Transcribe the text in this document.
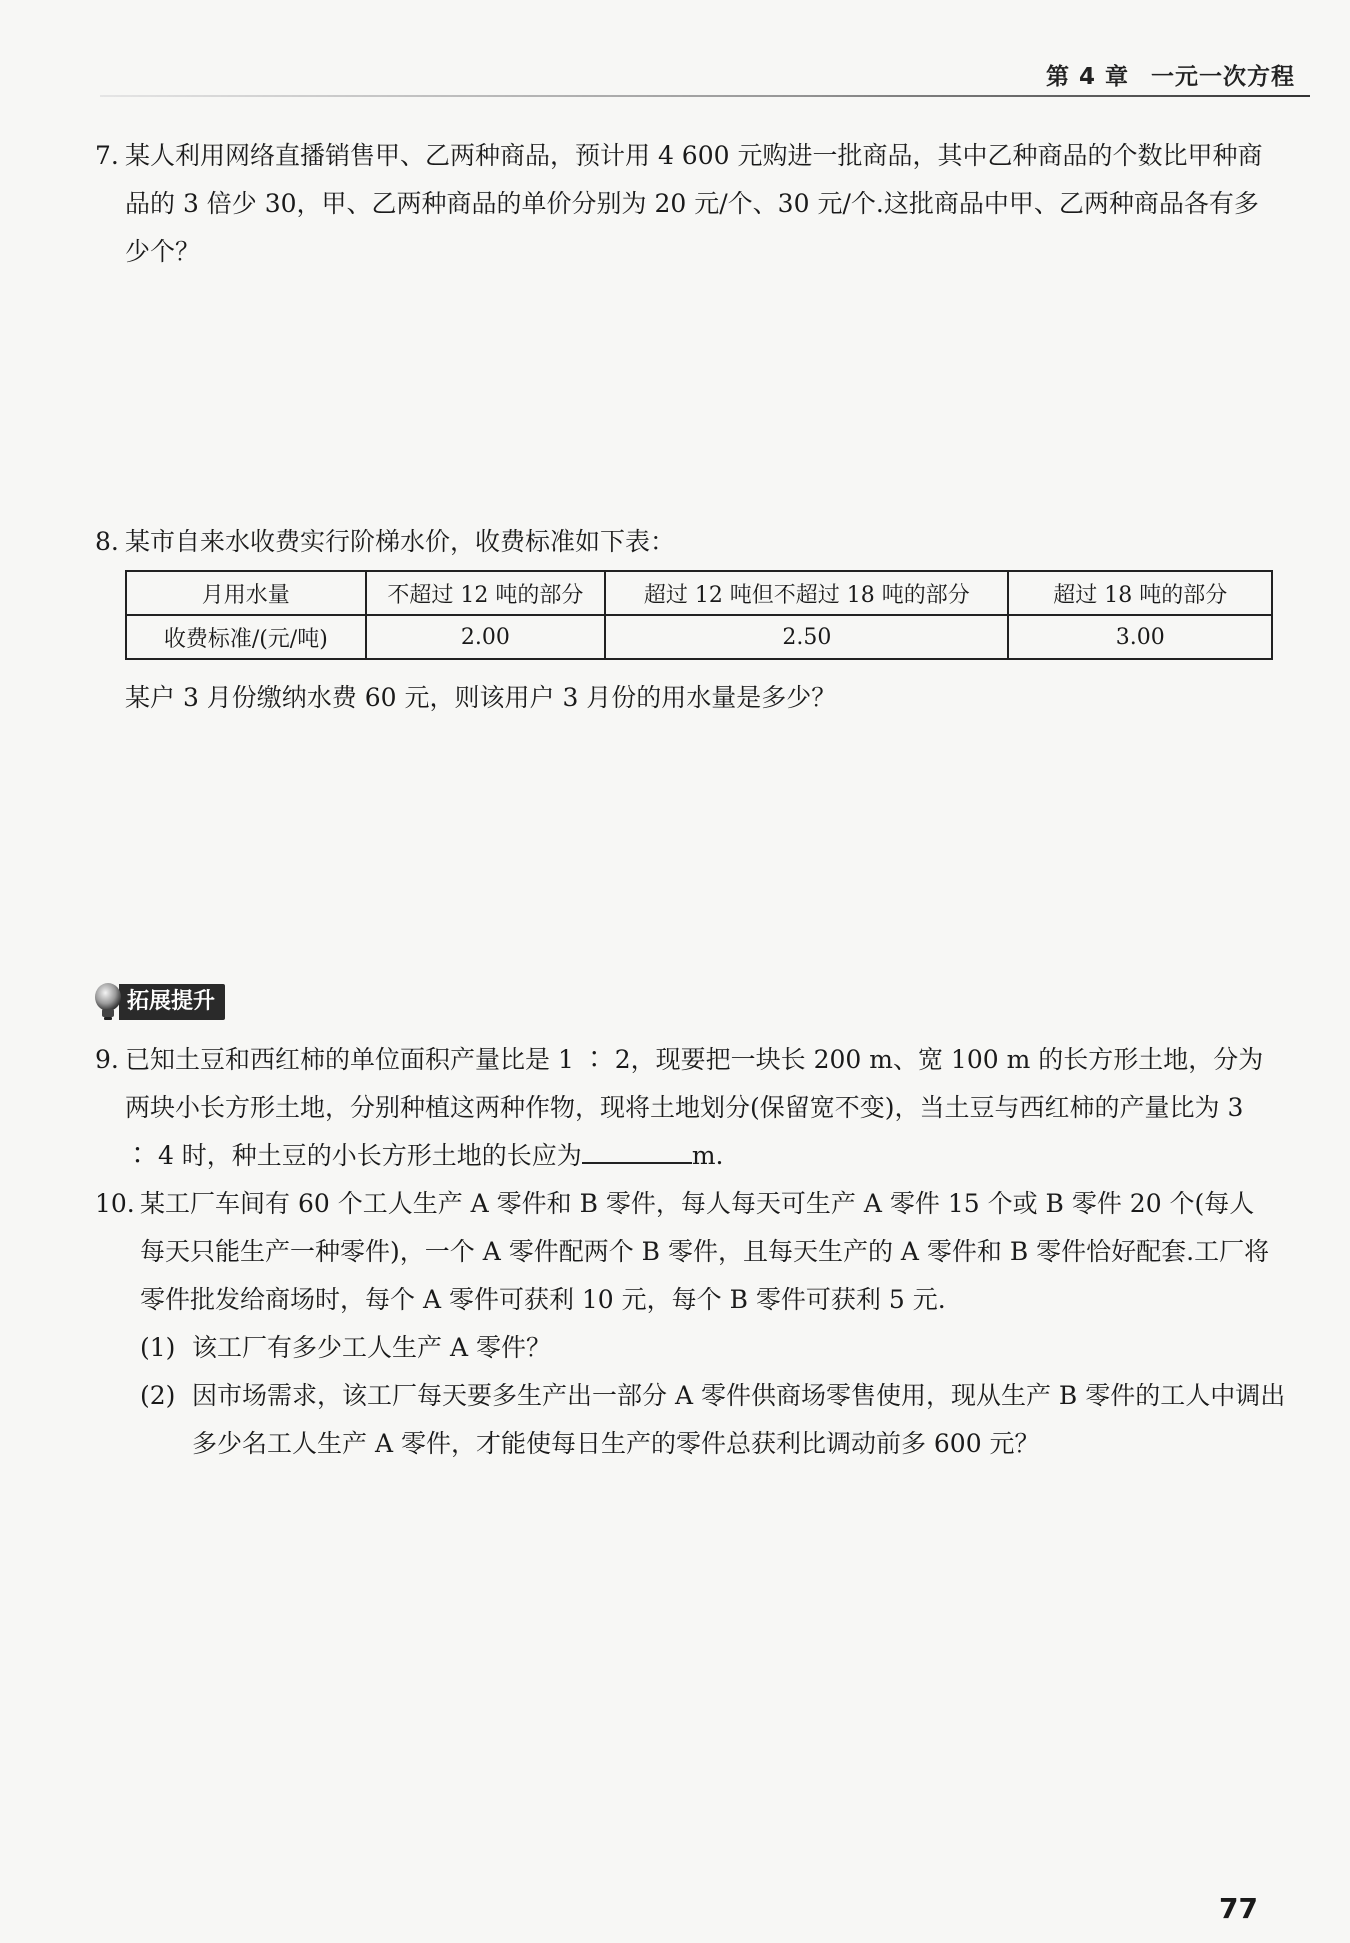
第 4 章 一元一次方程
7. 某人利用网络直播销售甲、乙两种商品，预计用 4 600 元购进一批商品，其中乙种商品的个数比甲种商品的 3 倍少 30，甲、乙两种商品的单价分别为 20 元/个、30 元/个.这批商品中甲、乙两种商品各有多少个？
8. 某市自来水收费实行阶梯水价，收费标准如下表：
月用水量	不超过 12 吨的部分	超过 12 吨但不超过 18 吨的部分	超过 18 吨的部分
收费标准/(元/吨)	2.00	2.50	3.00
某户 3 月份缴纳水费 60 元，则该用户 3 月份的用水量是多少？
拓展提升
9. 已知土豆和西红柿的单位面积产量比是 1 ∶ 2，现要把一块长 200 m、宽 100 m 的长方形土地，分为两块小长方形土地，分别种植这两种作物，现将土地划分(保留宽不变)，当土豆与西红柿的产量比为 3 ∶ 4 时，种土豆的小长方形土地的长应为	m.
10. 某工厂车间有 60 个工人生产 A 零件和 B 零件，每人每天可生产 A 零件 15 个或 B 零件 20 个(每人每天只能生产一种零件)，一个 A 零件配两个 B 零件，且每天生产的 A 零件和 B 零件恰好配套.工厂将零件批发给商场时，每个 A 零件可获利 10 元，每个 B 零件可获利 5 元.
(1) 该工厂有多少工人生产 A 零件？
(2) 因市场需求，该工厂每天要多生产出一部分 A 零件供商场零售使用，现从生产 B 零件的工人中调出多少名工人生产 A 零件，才能使每日生产的零件总获利比调动前多 600 元？
77
